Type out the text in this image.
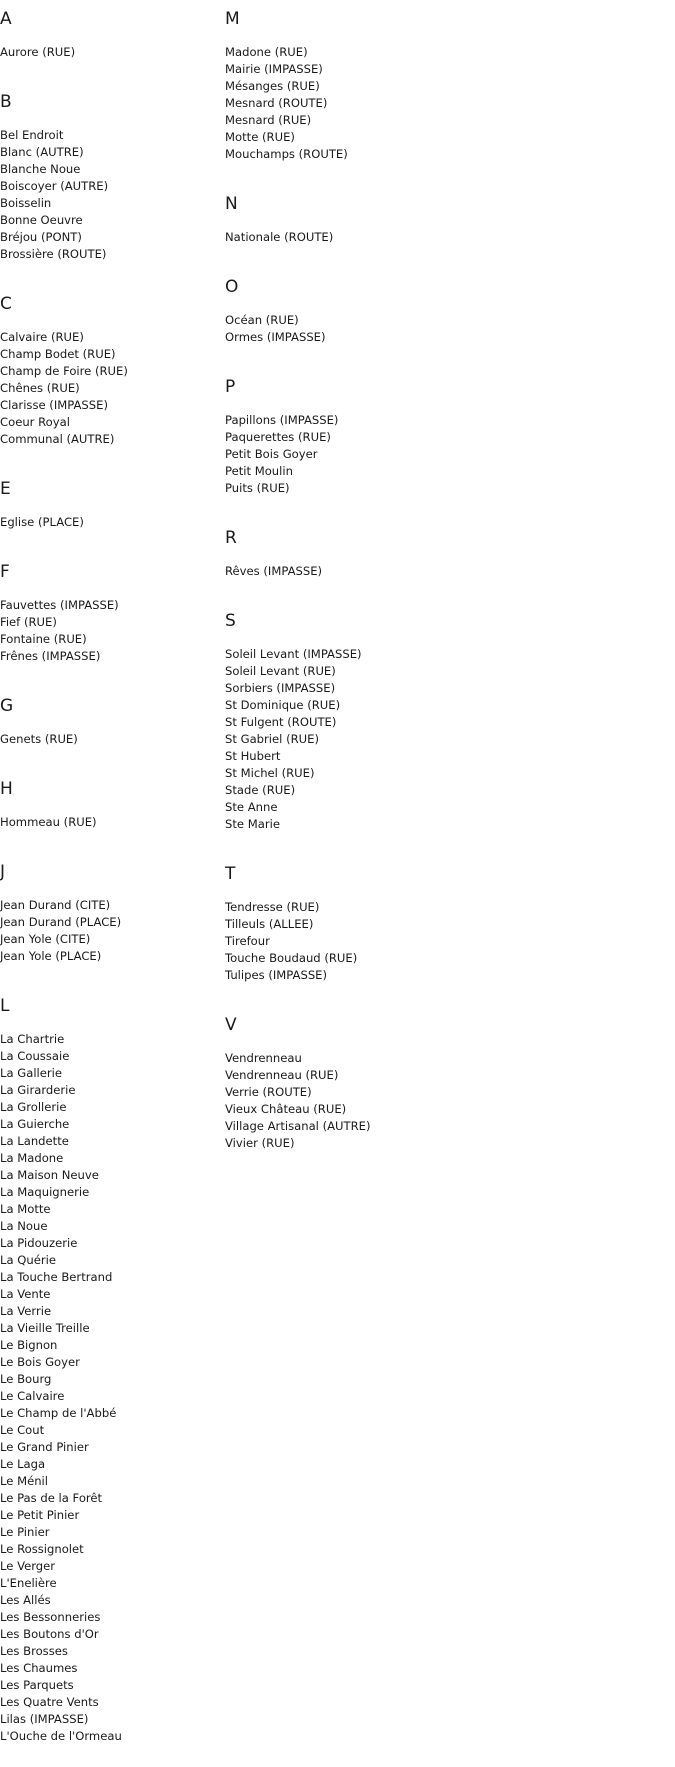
A
Aurore (RUE)
B
Bel Endroit
Blanc (AUTRE)
Blanche Noue
Boiscoyer (AUTRE)
Boisselin
Bonne Oeuvre
Bréjou (PONT)
Brossière (ROUTE)
C
Calvaire (RUE)
Champ Bodet (RUE)
Champ de Foire (RUE)
Chênes (RUE)
Clarisse (IMPASSE)
Coeur Royal
Communal (AUTRE)
E
Eglise (PLACE)
F
Fauvettes (IMPASSE)
Fief (RUE)
Fontaine (RUE)
Frênes (IMPASSE)
G
Genets (RUE)
H
Hommeau (RUE)
J
Jean Durand (CITE)
Jean Durand (PLACE)
Jean Yole (CITE)
Jean Yole (PLACE)
L
La Chartrie
La Coussaie
La Gallerie
La Girarderie
La Grollerie
La Guierche
La Landette
La Madone
La Maison Neuve
La Maquignerie
La Motte
La Noue
La Pidouzerie
La Quérie
La Touche Bertrand
La Vente
La Verrie
La Vieille Treille
Le Bignon
Le Bois Goyer
Le Bourg
Le Calvaire
Le Champ de l'Abbé
Le Cout
Le Grand Pinier
Le Laga
Le Ménil
Le Pas de la Forêt
Le Petit Pinier
Le Pinier
Le Rossignolet
Le Verger
L'Enelière
Les Allés
Les Bessonneries
Les Boutons d'Or
Les Brosses
Les Chaumes
Les Parquets
Les Quatre Vents
Lilas (IMPASSE)
L'Ouche de l'Ormeau
M
Madone (RUE)
Mairie (IMPASSE)
Mésanges (RUE)
Mesnard (ROUTE)
Mesnard (RUE)
Motte (RUE)
Mouchamps (ROUTE)
N
Nationale (ROUTE)
O
Océan (RUE)
Ormes (IMPASSE)
P
Papillons (IMPASSE)
Paquerettes (RUE)
Petit Bois Goyer
Petit Moulin
Puits (RUE)
R
Rêves (IMPASSE)
S
Soleil Levant (IMPASSE)
Soleil Levant (RUE)
Sorbiers (IMPASSE)
St Dominique (RUE)
St Fulgent (ROUTE)
St Gabriel (RUE)
St Hubert
St Michel (RUE)
Stade (RUE)
Ste Anne
Ste Marie
T
Tendresse (RUE)
Tilleuls (ALLEE)
Tirefour
Touche Boudaud (RUE)
Tulipes (IMPASSE)
V
Vendrenneau
Vendrenneau (RUE)
Verrie (ROUTE)
Vieux Château (RUE)
Village Artisanal (AUTRE)
Vivier (RUE)
